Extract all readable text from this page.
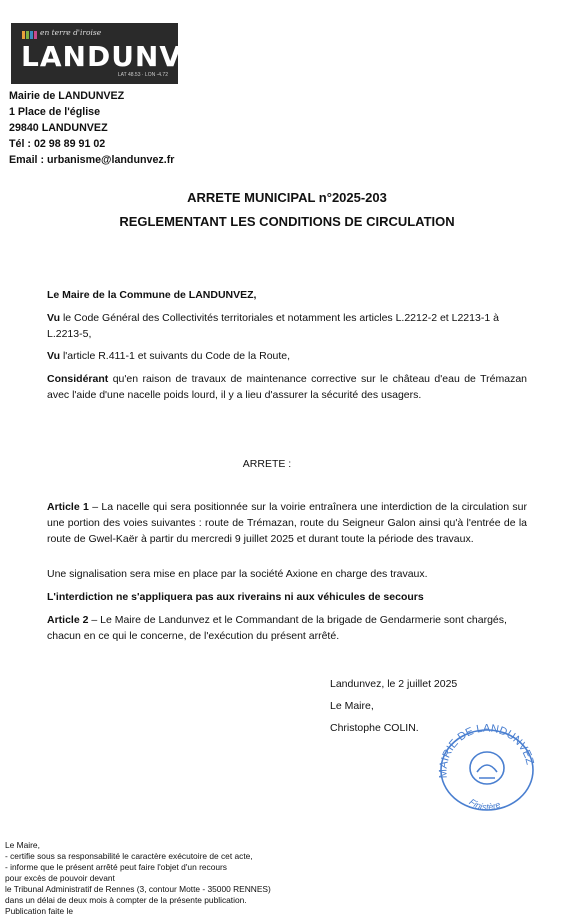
en terre d'iroise
LANDUNVEZ
LAT 48.53 · LON -4.72
Mairie de LANDUNVEZ
1 Place de l'église
29840 LANDUNVEZ
Tél : 02 98 89 91 02
Email : urbanisme@landunvez.fr
ARRETE MUNICIPAL n°2025-203
REGLEMENTANT LES CONDITIONS DE CIRCULATION
Le Maire de la Commune de LANDUNVEZ,
Vu le Code Général des Collectivités territoriales et notamment les articles L.2212-2 et L2213-1 à L.2213-5,
Vu l'article R.411-1 et suivants du Code de la Route,
Considérant qu'en raison de travaux de maintenance corrective sur le château d'eau de Trémazan avec l'aide d'une nacelle poids lourd, il y a lieu d'assurer la sécurité des usagers.
ARRETE :
Article 1 – La nacelle qui sera positionnée sur la voirie entraînera une interdiction de la circulation sur une portion des voies suivantes : route de Trémazan, route du Seigneur Galon ainsi qu'à l'entrée de la route de Gwel-Kaër à partir du mercredi 9 juillet 2025 et durant toute la période des travaux.
Une signalisation sera mise en place par la société Axione en charge des travaux.
L'interdiction ne s'appliquera pas aux riverains ni aux véhicules de secours
Article 2 – Le Maire de Landunvez et le Commandant de la brigade de Gendarmerie sont chargés, chacun en ce qui le concerne, de l'exécution du présent arrêté.
Landunvez, le 2 juillet 2025
Le Maire,
Christophe COLIN.
MAIRIE DE LANDUNVEZ
Finistère
Le Maire,
- certifie sous sa responsabilité le caractère exécutoire de cet acte,
- informe que le présent arrêté peut faire l'objet d'un recours
pour excès de pouvoir devant
le Tribunal Administratif de Rennes (3, contour Motte - 35000 RENNES)
dans un délai de deux mois à compter de la présente publication.
Publication faite le
